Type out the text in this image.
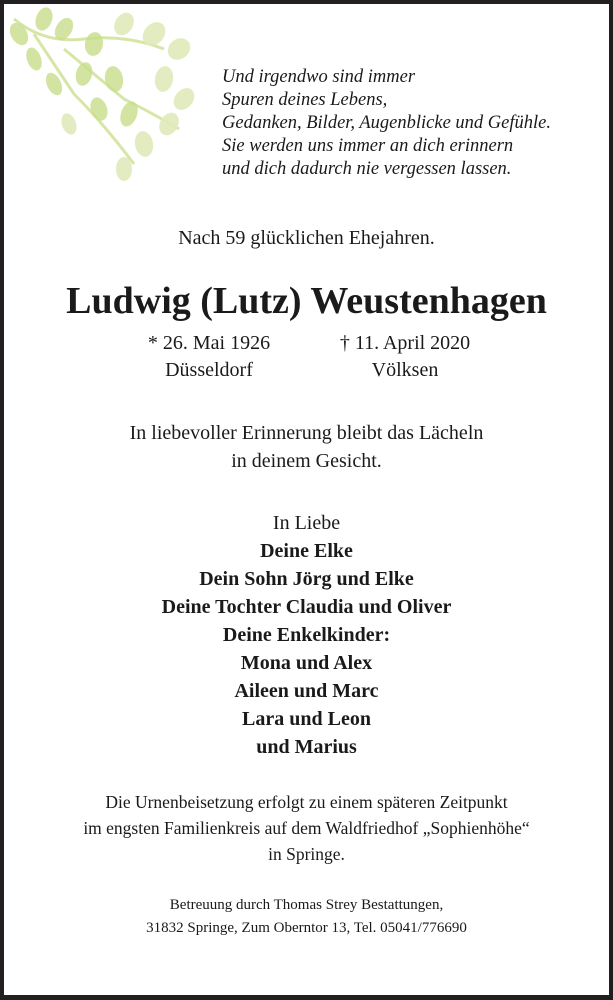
Und irgendwo sind immer
Spuren deines Lebens,
Gedanken, Bilder, Augenblicke und Gefühle.
Sie werden uns immer an dich erinnern
und dich dadurch nie vergessen lassen.
Nach 59 glücklichen Ehejahren.
Ludwig (Lutz) Weustenhagen
* 26. Mai 1926
Düsseldorf
† 11. April 2020
Völksen
In liebevoller Erinnerung bleibt das Lächeln
in deinem Gesicht.
In Liebe
Deine Elke
Dein Sohn Jörg und Elke
Deine Tochter Claudia und Oliver
Deine Enkelkinder:
Mona und Alex
Aileen und Marc
Lara und Leon
und Marius
Die Urnenbeisetzung erfolgt zu einem späteren Zeitpunkt
im engsten Familienkreis auf dem Waldfriedhof „Sophienhöhe“
in Springe.
Betreuung durch Thomas Strey Bestattungen,
31832 Springe, Zum Oberntor 13, Tel. 05041/776690
